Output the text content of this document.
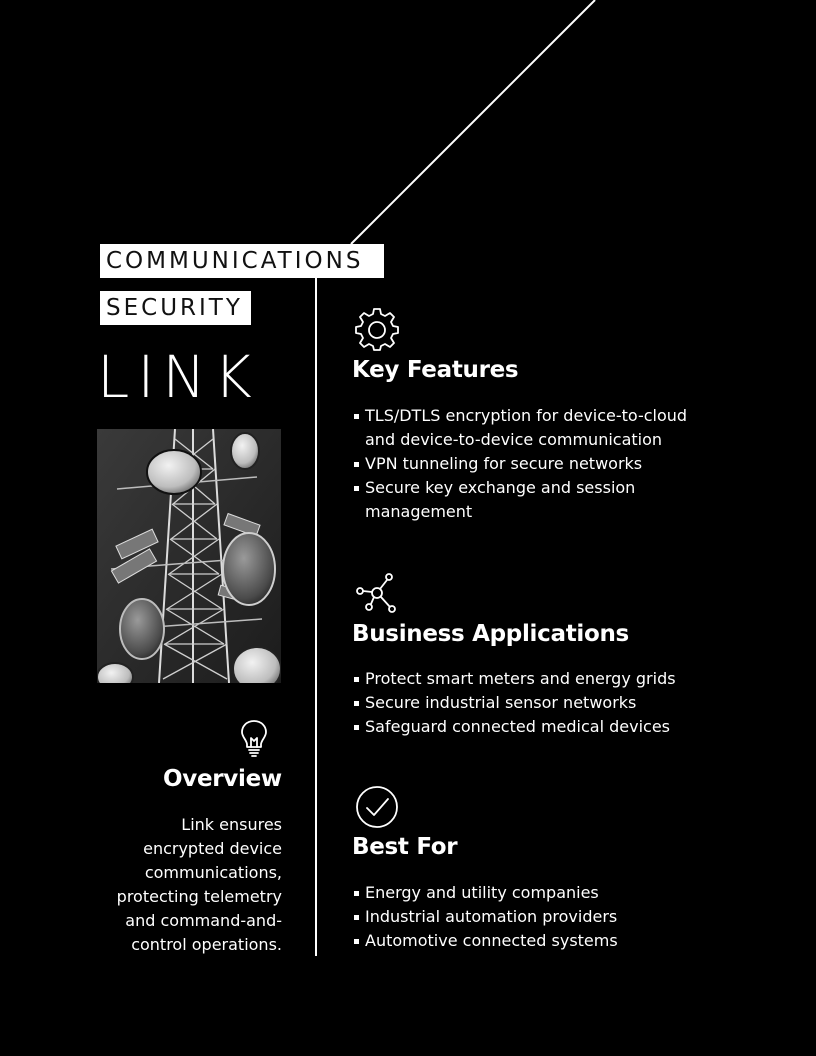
COMMUNICATIONS
SECURITY
LINK
Overview
Link ensures encrypted device communications, protecting telemetry and command-and-control operations.
Key Features
TLS/DTLS encryption for device-to-cloud and device-to-device communication
VPN tunneling for secure networks
Secure key exchange and session management
Business Applications
Protect smart meters and energy grids
Secure industrial sensor networks
Safeguard connected medical devices
Best For
Energy and utility companies
Industrial automation providers
Automotive connected systems
